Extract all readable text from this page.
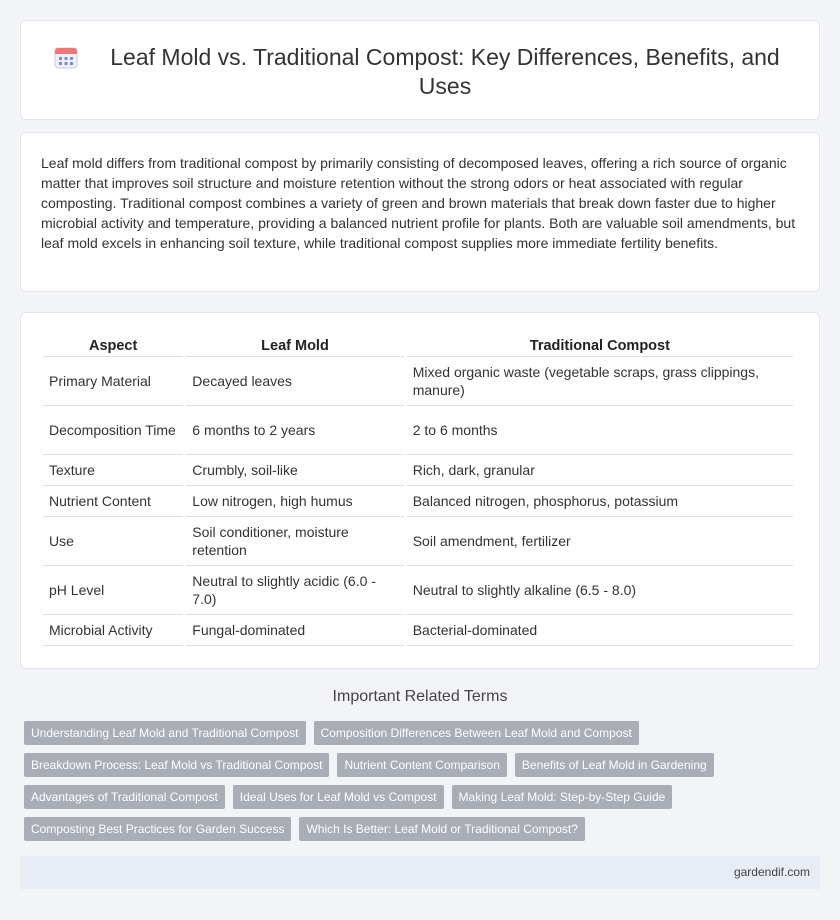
Leaf Mold vs. Traditional Compost: Key Differences, Benefits, and Uses

Leaf mold differs from traditional compost by primarily consisting of decomposed leaves, offering a rich source of organic matter that improves soil structure and moisture retention without the strong odors or heat associated with regular composting. Traditional compost combines a variety of green and brown materials that break down faster due to higher microbial activity and temperature, providing a balanced nutrient profile for plants. Both are valuable soil amendments, but leaf mold excels in enhancing soil texture, while traditional compost supplies more immediate fertility benefits.

Aspect	Leaf Mold	Traditional Compost
Primary Material	Decayed leaves	Mixed organic waste (vegetable scraps, grass clippings, manure)
Decomposition Time	6 months to 2 years	2 to 6 months
Texture	Crumbly, soil-like	Rich, dark, granular
Nutrient Content	Low nitrogen, high humus	Balanced nitrogen, phosphorus, potassium
Use	Soil conditioner, moisture retention	Soil amendment, fertilizer
pH Level	Neutral to slightly acidic (6.0 - 7.0)	Neutral to slightly alkaline (6.5 - 8.0)
Microbial Activity	Fungal-dominated	Bacterial-dominated
Important Related Terms
Understanding Leaf Mold and Traditional Compost	Composition Differences Between Leaf Mold and Compost
Breakdown Process: Leaf Mold vs Traditional Compost	Nutrient Content Comparison	Benefits of Leaf Mold in Gardening
Advantages of Traditional Compost	Ideal Uses for Leaf Mold vs Compost	Making Leaf Mold: Step-by-Step Guide
Composting Best Practices for Garden Success	Which Is Better: Leaf Mold or Traditional Compost?
gardendif.com
